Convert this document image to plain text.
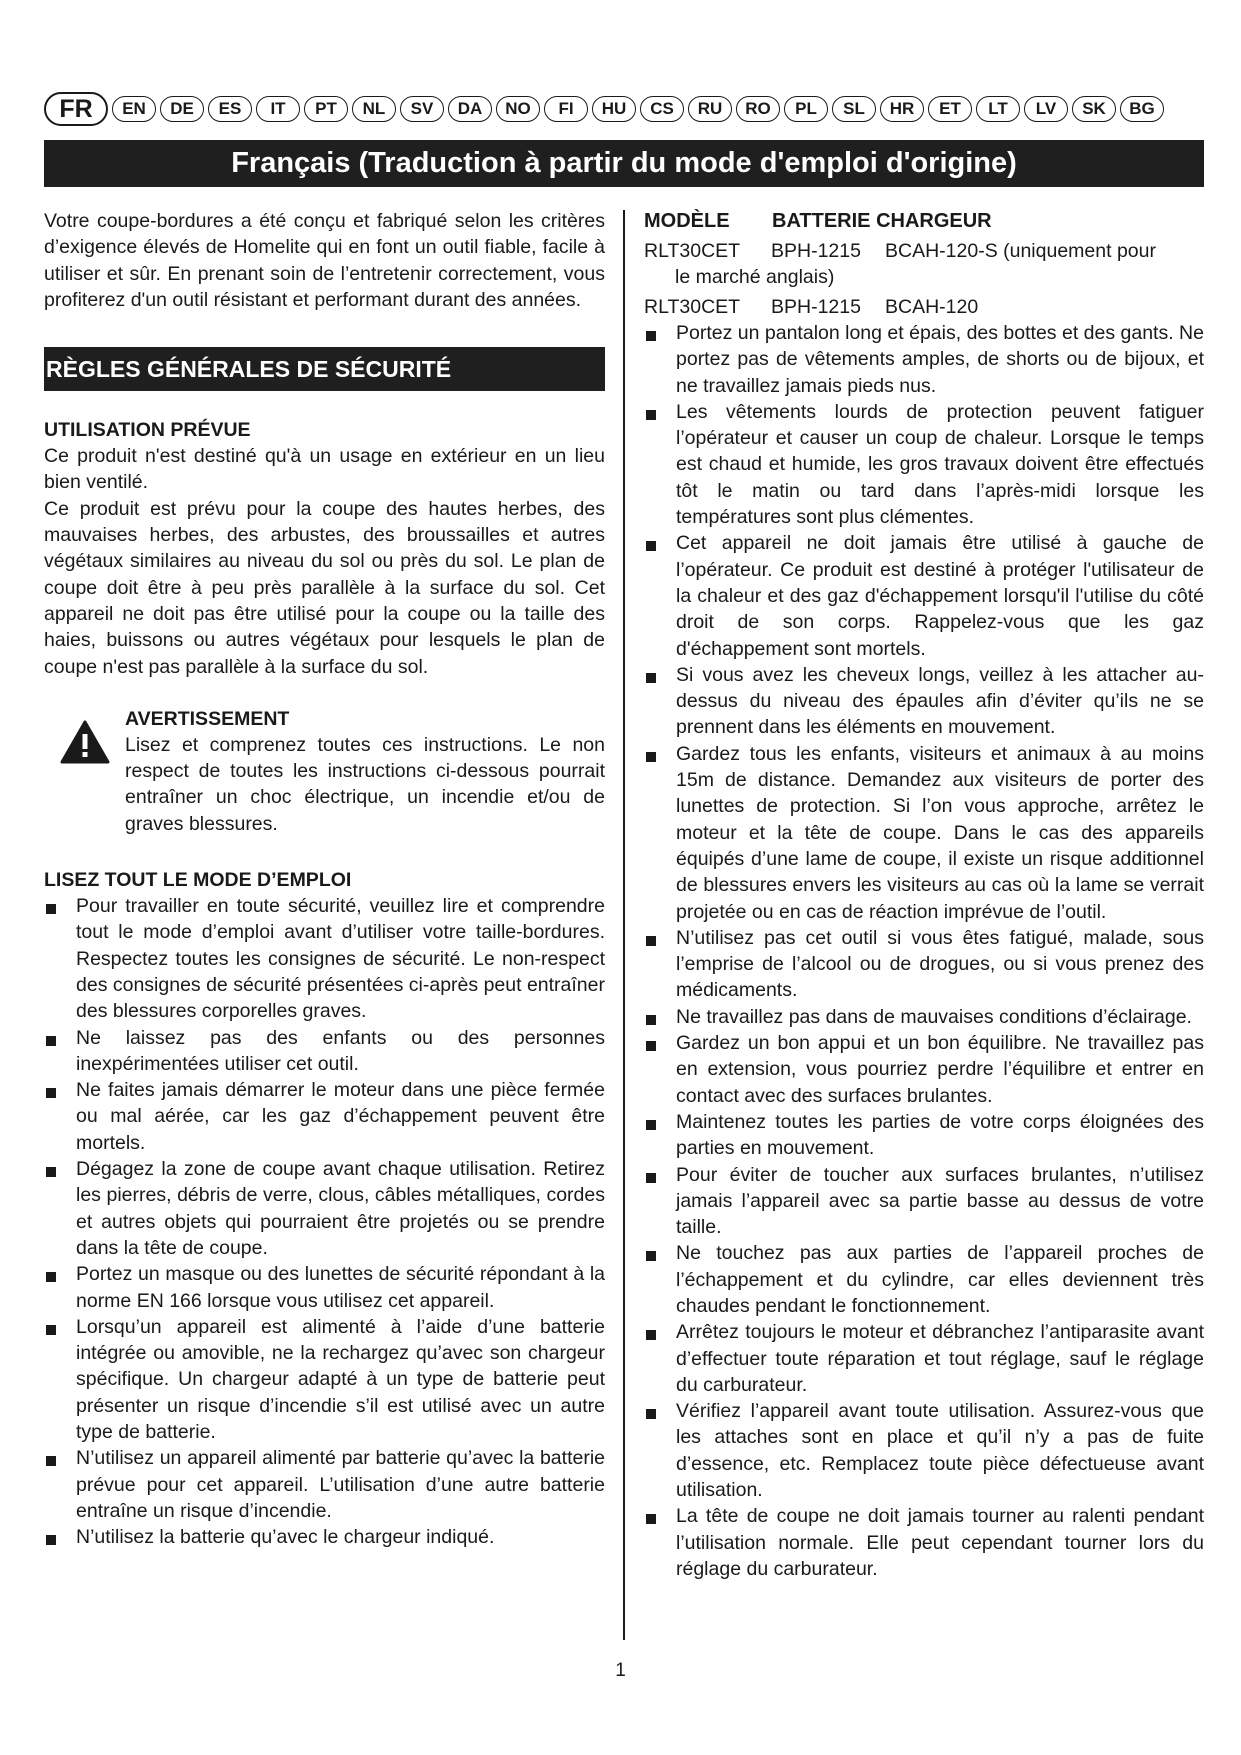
FR	EN	DE	ES	IT	PT	NL	SV	DA	NO	FI	HU	CS	RU	RO	PL	SL	HR	ET	LT	LV	SK	BG
Français (Traduction à partir du mode d'emploi d'origine)

Votre coupe-bordures a été conçu et fabriqué selon les critères d’exigence élevés de Homelite qui en font un outil fiable, facile à utiliser et sûr. En prenant soin de l’entretenir correctement, vous profiterez d'un outil résistant et performant durant des années.

RÈGLES GÉNÉRALES DE SÉCURITÉ
UTILISATION PRÉVUE

Ce produit n'est destiné qu'à un usage en extérieur en un lieu bien ventilé.

Ce produit est prévu pour la coupe des hautes herbes, des mauvaises herbes, des arbustes, des broussailles et autres végétaux similaires au niveau du sol ou près du sol. Le plan de coupe doit être à peu près parallèle à la surface du sol. Cet appareil ne doit pas être utilisé pour la coupe ou la taille des haies, buissons ou autres végétaux pour lesquels le plan de coupe n'est pas parallèle à la surface du sol.

AVERTISSEMENT

Lisez et comprenez toutes ces instructions. Le non respect de toutes les instructions ci-dessous pourrait entraîner un choc électrique, un incendie et/ou de graves blessures.

LISEZ TOUT LE MODE D’EMPLOI
Pour travailler en toute sécurité, veuillez lire et comprendre tout le mode d’emploi avant d’utiliser votre taille-bordures. Respectez toutes les consignes de sécurité. Le non-respect des consignes de sécurité présentées ci-après peut entraîner des blessures corporelles graves.
Ne laissez pas des enfants ou des personnes inexpérimentées utiliser cet outil.
Ne faites jamais démarrer le moteur dans une pièce fermée ou mal aérée, car les gaz d’échappement peuvent être mortels.
Dégagez la zone de coupe avant chaque utilisation. Retirez les pierres, débris de verre, clous, câbles métalliques, cordes et autres objets qui pourraient être projetés ou se prendre dans la tête de coupe.
Portez un masque ou des lunettes de sécurité répondant à la norme EN 166 lorsque vous utilisez cet appareil.
Lorsqu’un appareil est alimenté à l’aide d’une batterie intégrée ou amovible, ne la rechargez qu’avec son chargeur spécifique. Un chargeur adapté à un type de batterie peut présenter un risque d’incendie s’il est utilisé avec un autre type de batterie.
N’utilisez un appareil alimenté par batterie qu’avec la batterie prévue pour cet appareil. L’utilisation d’une autre batterie entraîne un risque d’incendie.
N’utilisez la batterie qu’avec le chargeur indiqué.
MODÈLE BATTERIE CHARGEUR
RLT30CET BPH-1215 BCAH-120-S (uniquement pour
le marché anglais)
RLT30CET BPH-1215 BCAH-120
Portez un pantalon long et épais, des bottes et des gants. Ne portez pas de vêtements amples, de shorts ou de bijoux, et ne travaillez jamais pieds nus.
Les vêtements lourds de protection peuvent fatiguer l’opérateur et causer un coup de chaleur. Lorsque le temps est chaud et humide, les gros travaux doivent être effectués tôt le matin ou tard dans l’après-midi lorsque les températures sont plus clémentes.
Cet appareil ne doit jamais être utilisé à gauche de l’opérateur. Ce produit est destiné à protéger l'utilisateur de la chaleur et des gaz d'échappement lorsqu'il l'utilise du côté droit de son corps. Rappelez-vous que les gaz d'échappement sont mortels.
Si vous avez les cheveux longs, veillez à les attacher au-dessus du niveau des épaules afin d’éviter qu’ils ne se prennent dans les éléments en mouvement.
Gardez tous les enfants, visiteurs et animaux à au moins 15m de distance. Demandez aux visiteurs de porter des lunettes de protection. Si l’on vous approche, arrêtez le moteur et la tête de coupe. Dans le cas des appareils équipés d’une lame de coupe, il existe un risque additionnel de blessures envers les visiteurs au cas où la lame se verrait projetée ou en cas de réaction imprévue de l’outil.
N’utilisez pas cet outil si vous êtes fatigué, malade, sous l’emprise de l’alcool ou de drogues, ou si vous prenez des médicaments.
Ne travaillez pas dans de mauvaises conditions d’éclairage.
Gardez un bon appui et un bon équilibre. Ne travaillez pas en extension, vous pourriez perdre l’équilibre et entrer en contact avec des surfaces brulantes.
Maintenez toutes les parties de votre corps éloignées des parties en mouvement.
Pour éviter de toucher aux surfaces brulantes, n’utilisez jamais l’appareil avec sa partie basse au dessus de votre taille.
Ne touchez pas aux parties de l’appareil proches de l’échappement et du cylindre, car elles deviennent très chaudes pendant le fonctionnement.
Arrêtez toujours le moteur et débranchez l’antiparasite avant d’effectuer toute réparation et tout réglage, sauf le réglage du carburateur.
Vérifiez l’appareil avant toute utilisation. Assurez-vous que les attaches sont en place et qu’il n’y a pas de fuite d’essence, etc. Remplacez toute pièce défectueuse avant utilisation.
La tête de coupe ne doit jamais tourner au ralenti pendant l’utilisation normale. Elle peut cependant tourner lors du réglage du carburateur.
1
